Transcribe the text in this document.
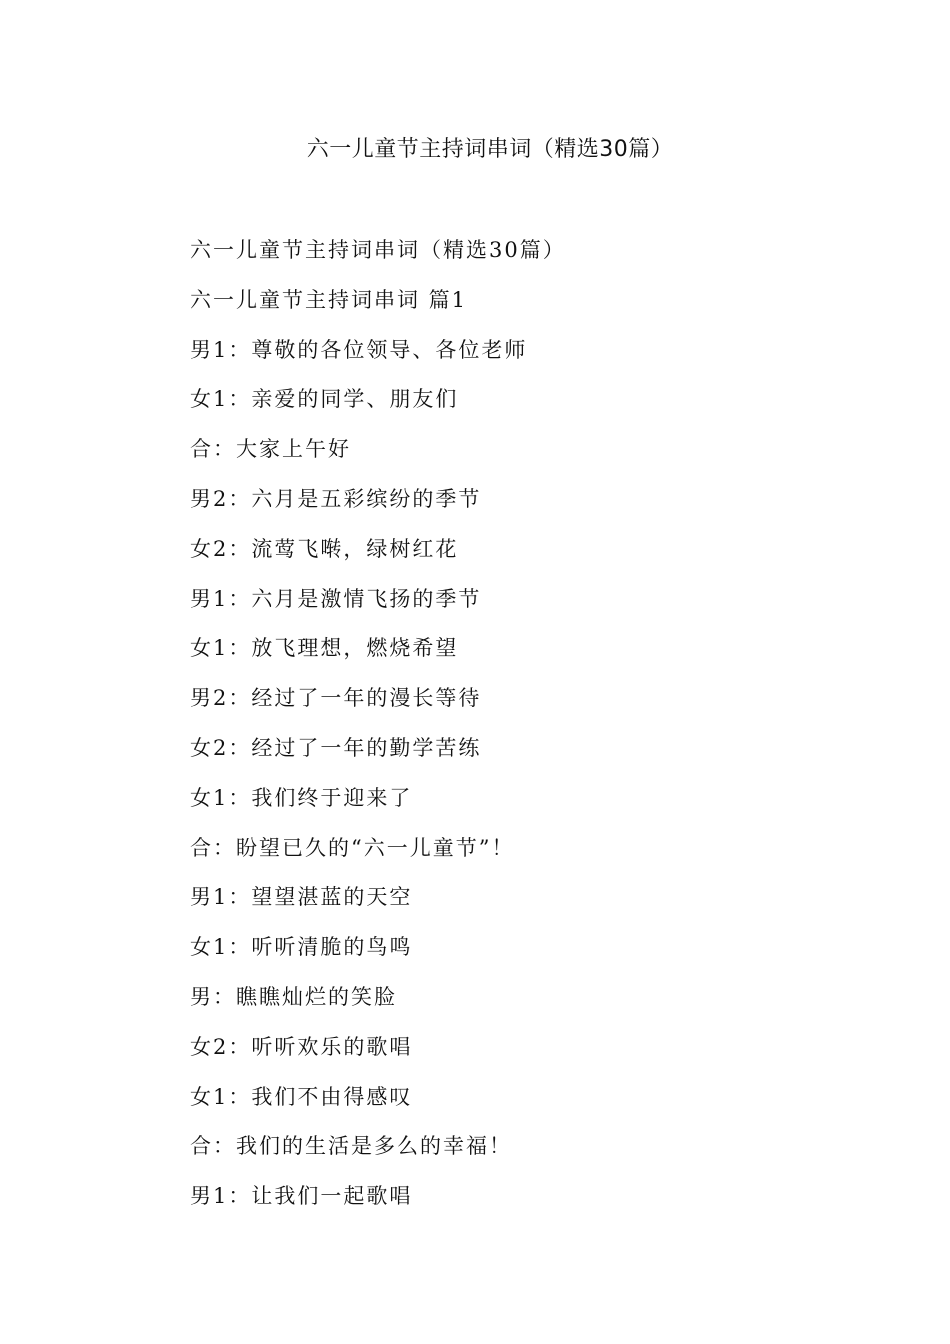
六一儿童节主持词串词（精选30篇）
六一儿童节主持词串词（精选30篇）
六一儿童节主持词串词 篇1
男1：尊敬的各位领导、各位老师
女1：亲爱的同学、朋友们
合：大家上午好
男2：六月是五彩缤纷的季节
女2：流莺飞啭，绿树红花
男1：六月是激情飞扬的季节
女1：放飞理想，燃烧希望
男2：经过了一年的漫长等待
女2：经过了一年的勤学苦练
女1：我们终于迎来了
合：盼望已久的“六一儿童节”！
男1：望望湛蓝的天空
女1：听听清脆的鸟鸣
男：瞧瞧灿烂的笑脸
女2：听听欢乐的歌唱
女1：我们不由得感叹
合：我们的生活是多么的幸福！
男1：让我们一起歌唱
